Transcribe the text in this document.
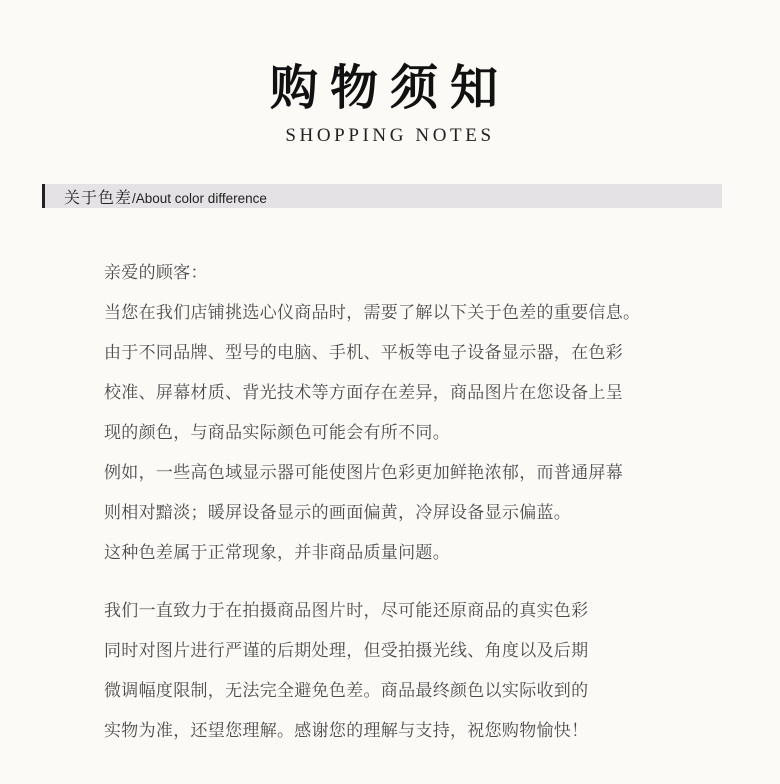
购物须知
SHOPPING NOTES
关于色差/About color difference
亲爱的顾客：
当您在我们店铺挑选心仪商品时，需要了解以下关于色差的重要信息。
由于不同品牌、型号的电脑、手机、平板等电子设备显示器，在色彩
校准、屏幕材质、背光技术等方面存在差异，商品图片在您设备上呈
现的颜色，与商品实际颜色可能会有所不同。
例如，一些高色域显示器可能使图片色彩更加鲜艳浓郁，而普通屏幕
则相对黯淡；暖屏设备显示的画面偏黄，冷屏设备显示偏蓝。
这种色差属于正常现象，并非商品质量问题。
我们一直致力于在拍摄商品图片时，尽可能还原商品的真实色彩
同时对图片进行严谨的后期处理，但受拍摄光线、角度以及后期
微调幅度限制，无法完全避免色差。商品最终颜色以实际收到的
实物为准，还望您理解。感谢您的理解与支持，祝您购物愉快！
